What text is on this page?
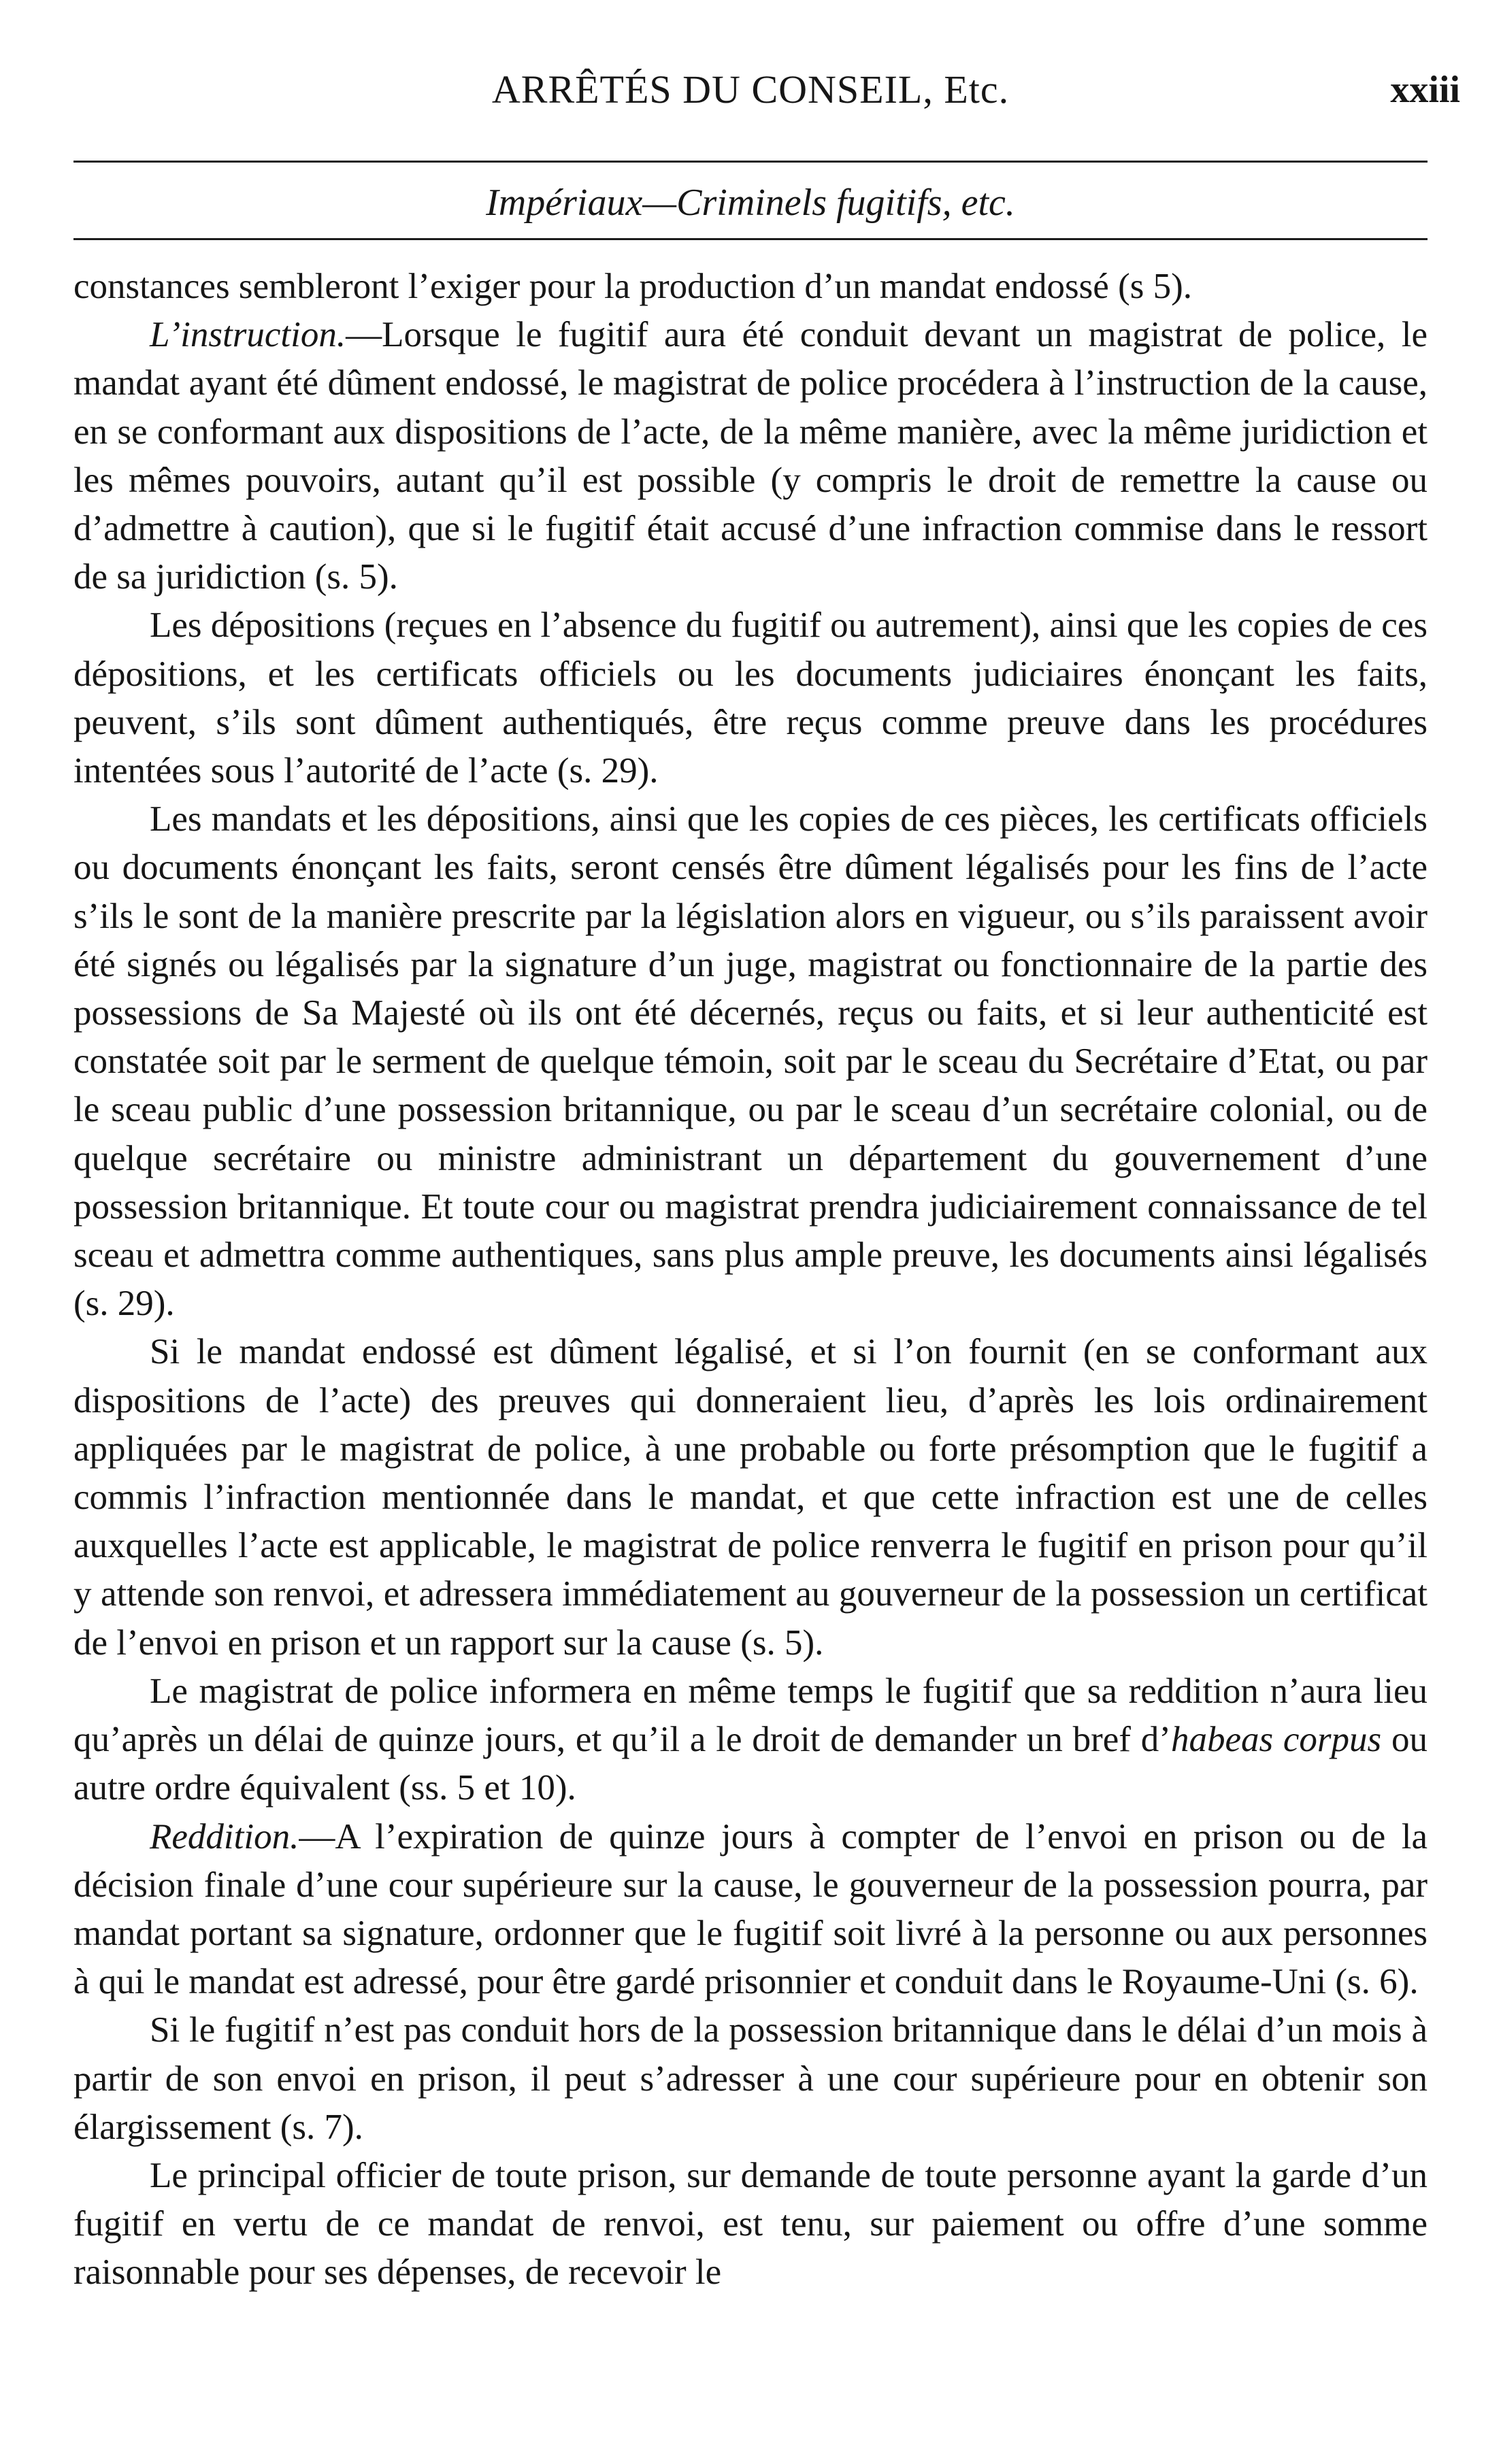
ARRÊTÉS DU CONSEIL, Etc.	xxiii
Impériaux—Criminels fugitifs, etc.

constances sembleront l’exiger pour la production d’un mandat endossé (s 5).

L’instruction.—Lorsque le fugitif aura été conduit devant un magistrat de police, le mandat ayant été dûment endossé, le magistrat de police procédera à l’instruction de la cause, en se conformant aux dispositions de l’acte, de la même manière, avec la même juridiction et les mêmes pouvoirs, autant qu’il est possible (y compris le droit de remettre la cause ou d’admettre à caution), que si le fugitif était accusé d’une infraction commise dans le ressort de sa juridiction (s. 5).

Les dépositions (reçues en l’absence du fugitif ou autrement), ainsi que les copies de ces dépositions, et les certificats officiels ou les documents judiciaires énonçant les faits, peuvent, s’ils sont dûment authentiqués, être reçus comme preuve dans les procédures intentées sous l’autorité de l’acte (s. 29).

Les mandats et les dépositions, ainsi que les copies de ces pièces, les certificats officiels ou documents énonçant les faits, seront censés être dûment légalisés pour les fins de l’acte s’ils le sont de la manière prescrite par la législation alors en vigueur, ou s’ils paraissent avoir été signés ou légalisés par la signature d’un juge, magistrat ou fonctionnaire de la partie des possessions de Sa Majesté où ils ont été décernés, reçus ou faits, et si leur authenticité est constatée soit par le serment de quelque témoin, soit par le sceau du Secrétaire d’Etat, ou par le sceau public d’une possession britannique, ou par le sceau d’un secrétaire colonial, ou de quelque secrétaire ou ministre administrant un département du gouvernement d’une possession britannique. Et toute cour ou magistrat prendra judiciairement connaissance de tel sceau et admettra comme authentiques, sans plus ample preuve, les documents ainsi légalisés (s. 29).

Si le mandat endossé est dûment légalisé, et si l’on fournit (en se conformant aux dispositions de l’acte) des preuves qui donneraient lieu, d’après les lois ordinairement appliquées par le magistrat de police, à une probable ou forte présomption que le fugitif a commis l’infraction mentionnée dans le mandat, et que cette infraction est une de celles auxquelles l’acte est applicable, le magistrat de police renverra le fugitif en prison pour qu’il y attende son renvoi, et adressera immédiatement au gouverneur de la possession un certificat de l’envoi en prison et un rapport sur la cause (s. 5).

Le magistrat de police informera en même temps le fugitif que sa reddition n’aura lieu qu’après un délai de quinze jours, et qu’il a le droit de demander un bref d’habeas corpus ou autre ordre équivalent (ss. 5 et 10).

Reddition.—A l’expiration de quinze jours à compter de l’envoi en prison ou de la décision finale d’une cour supérieure sur la cause, le gouverneur de la possession pourra, par mandat portant sa signature, ordonner que le fugitif soit livré à la personne ou aux personnes à qui le mandat est adressé, pour être gardé prisonnier et conduit dans le Royaume-Uni (s. 6).

Si le fugitif n’est pas conduit hors de la possession britannique dans le délai d’un mois à partir de son envoi en prison, il peut s’adresser à une cour supérieure pour en obtenir son élargissement (s. 7).

Le principal officier de toute prison, sur demande de toute personne ayant la garde d’un fugitif en vertu de ce mandat de renvoi, est tenu, sur paiement ou offre d’une somme raisonnable pour ses dépenses, de recevoir le
